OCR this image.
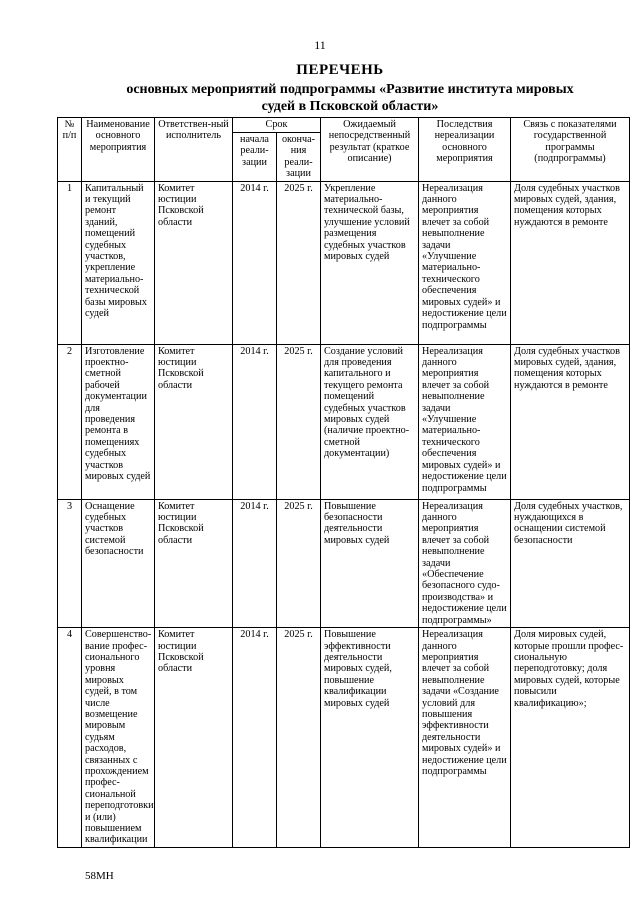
11
ПЕРЕЧЕНЬ
основных мероприятий подпрограммы «Развитие института мировых
судей в Псковской области»
№ п/п	Наименование основного мероприятия	Ответствен-ный исполнитель	Срок		Ожидаемый непосредственный результат (краткое описание)	Последствия нереализации основного мероприятия	Связь с показателями государственной программы (подпрограммы)
			начала реали-зации	оконча-ния реали-зации			
1	Капитальный и текущий ремонт зданий, помещений судебных участков, укрепление материально-технической базы мировых судей	Комитет юстиции Псковской области	2014 г.	2025 г.	Укрепление материально-технической базы, улучшение условий размещения судебных участков мировых судей	Нереализация данного мероприятия влечет за собой невыполнение задачи «Улучшение материально-технического обеспечения мировых судей» и недостижение цели подпрограммы	Доля судебных участков мировых судей, здания, помещения которых нуждаются в ремонте
2	Изготовление проектно-сметной рабочей документации для проведения ремонта в помещениях судебных участков мировых судей	Комитет юстиции Псковской области	2014 г.	2025 г.	Создание условий для проведения капитального и текущего ремонта помещений судебных участков мировых судей (наличие проектно-сметной документации)	Нереализация данного мероприятия влечет за собой невыполнение задачи «Улучшение материально-технического обеспечения мировых судей» и недостижение цели подпрограммы	Доля судебных участков мировых судей, здания, помещения которых нуждаются в ремонте
3	Оснащение судебных участков системой безопасности	Комитет юстиции Псковской области	2014 г.	2025 г.	Повышение безопасности деятельности мировых судей	Нереализация данного мероприятия влечет за собой невыполнение задачи «Обеспечение безопасного судо-производства» и недостижение цели подпрограммы»	Доля судебных участков, нуждающихся в оснащении системой безопасности
4	Совершенство-вание профес-сионального уровня мировых судей, в том числе возмещение мировым судьям расходов, связанных с прохождением профес-сиональной переподготовки и (или) повышением квалификации	Комитет юстиции Псковской области	2014 г.	2025 г.	Повышение эффективности деятельности мировых судей, повышение квалификации мировых судей	Нереализация данного мероприятия влечет за собой невыполнение задачи «Создание условий для повышения эффективности деятельности мировых судей» и недостижение цели подпрограммы	Доля мировых судей, которые прошли профес-сиональную переподготовку; доля мировых судей, которые повысили квалификацию»;
58МН
